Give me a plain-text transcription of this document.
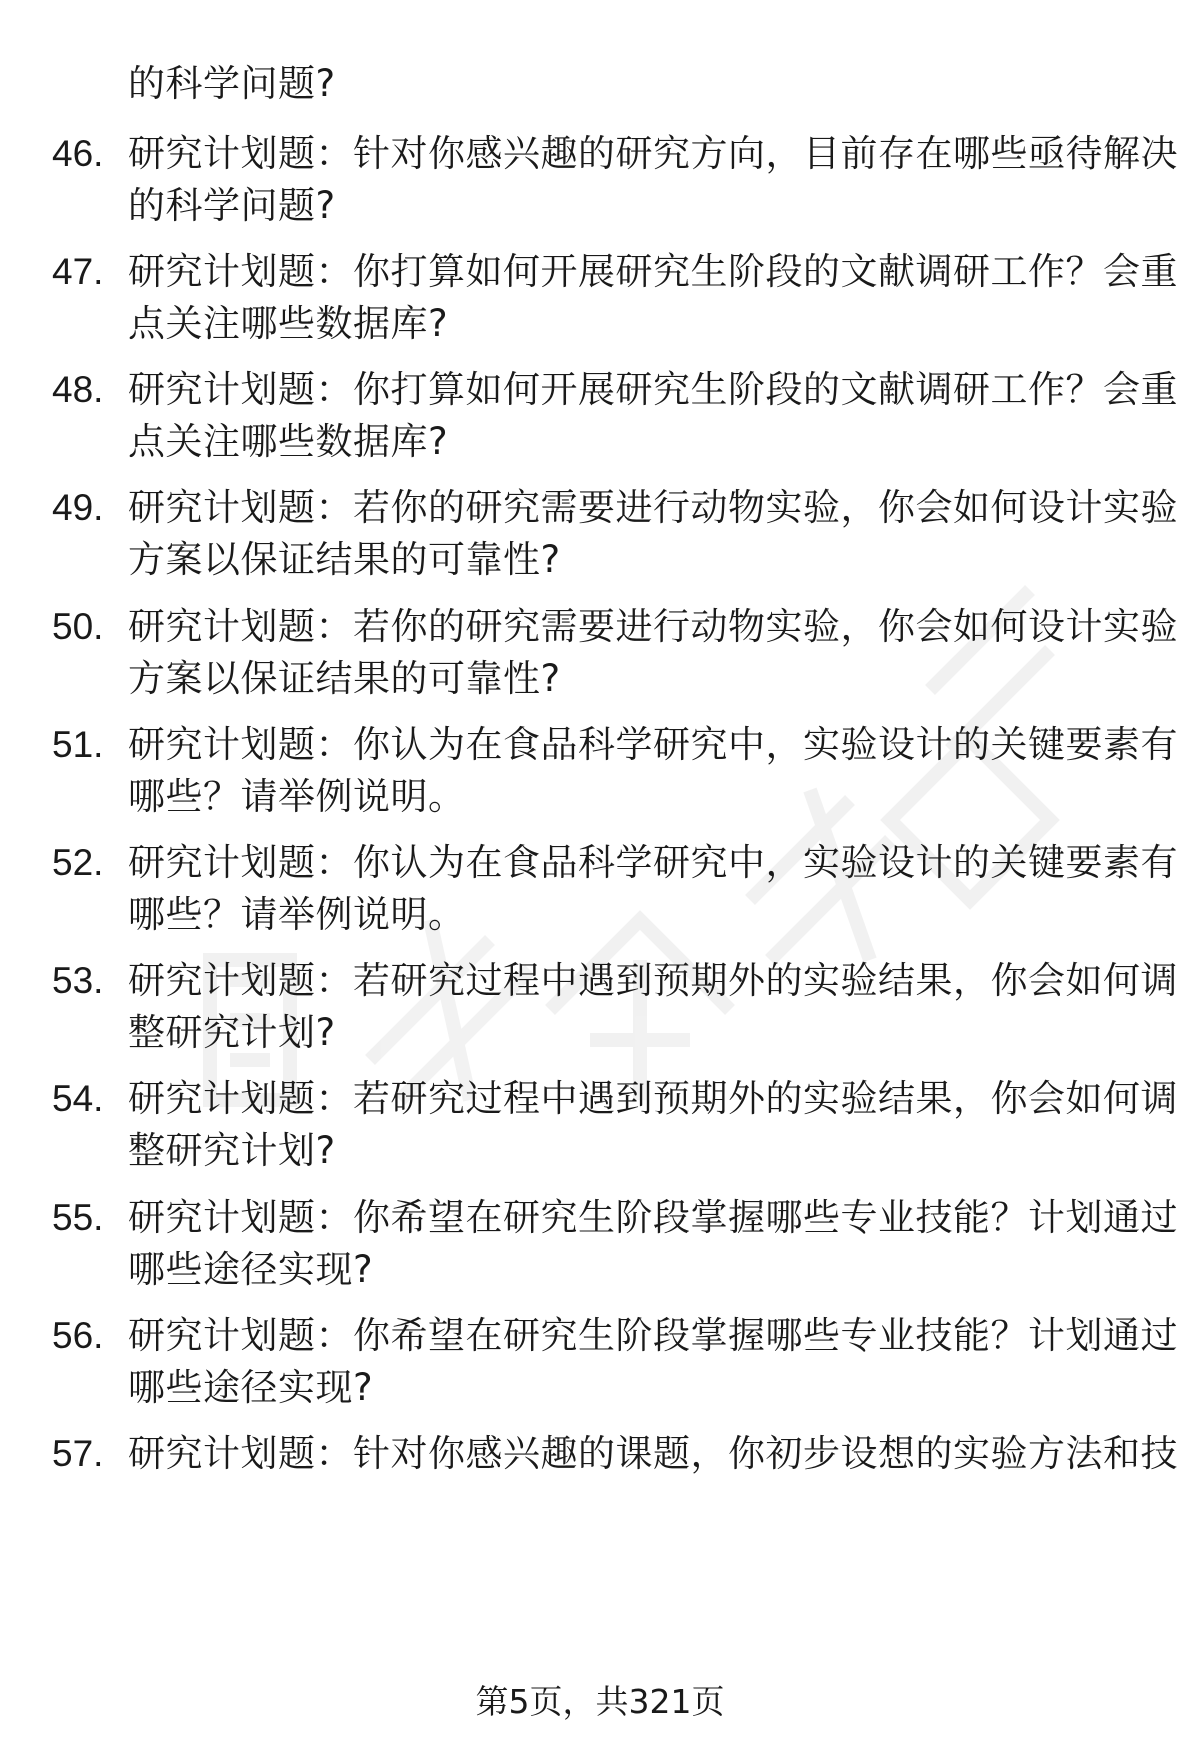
的科学问题?
46. 研究计划题：针对你感兴趣的研究方向，目前存在哪些亟待解决
的科学问题?
47. 研究计划题：你打算如何开展研究生阶段的文献调研工作？会重
点关注哪些数据库?
48. 研究计划题：你打算如何开展研究生阶段的文献调研工作？会重
点关注哪些数据库?
49. 研究计划题：若你的研究需要进行动物实验，你会如何设计实验
方案以保证结果的可靠性?
50. 研究计划题：若你的研究需要进行动物实验，你会如何设计实验
方案以保证结果的可靠性?
51. 研究计划题：你认为在食品科学研究中，实验设计的关键要素有
哪些？请举例说明。
52. 研究计划题：你认为在食品科学研究中，实验设计的关键要素有
哪些？请举例说明。
53. 研究计划题：若研究过程中遇到预期外的实验结果，你会如何调
整研究计划?
54. 研究计划题：若研究过程中遇到预期外的实验结果，你会如何调
整研究计划?
55. 研究计划题：你希望在研究生阶段掌握哪些专业技能？计划通过
哪些途径实现?
56. 研究计划题：你希望在研究生阶段掌握哪些专业技能？计划通过
哪些途径实现?
57. 研究计划题：针对你感兴趣的课题，你初步设想的实验方法和技
第5页，共321页
